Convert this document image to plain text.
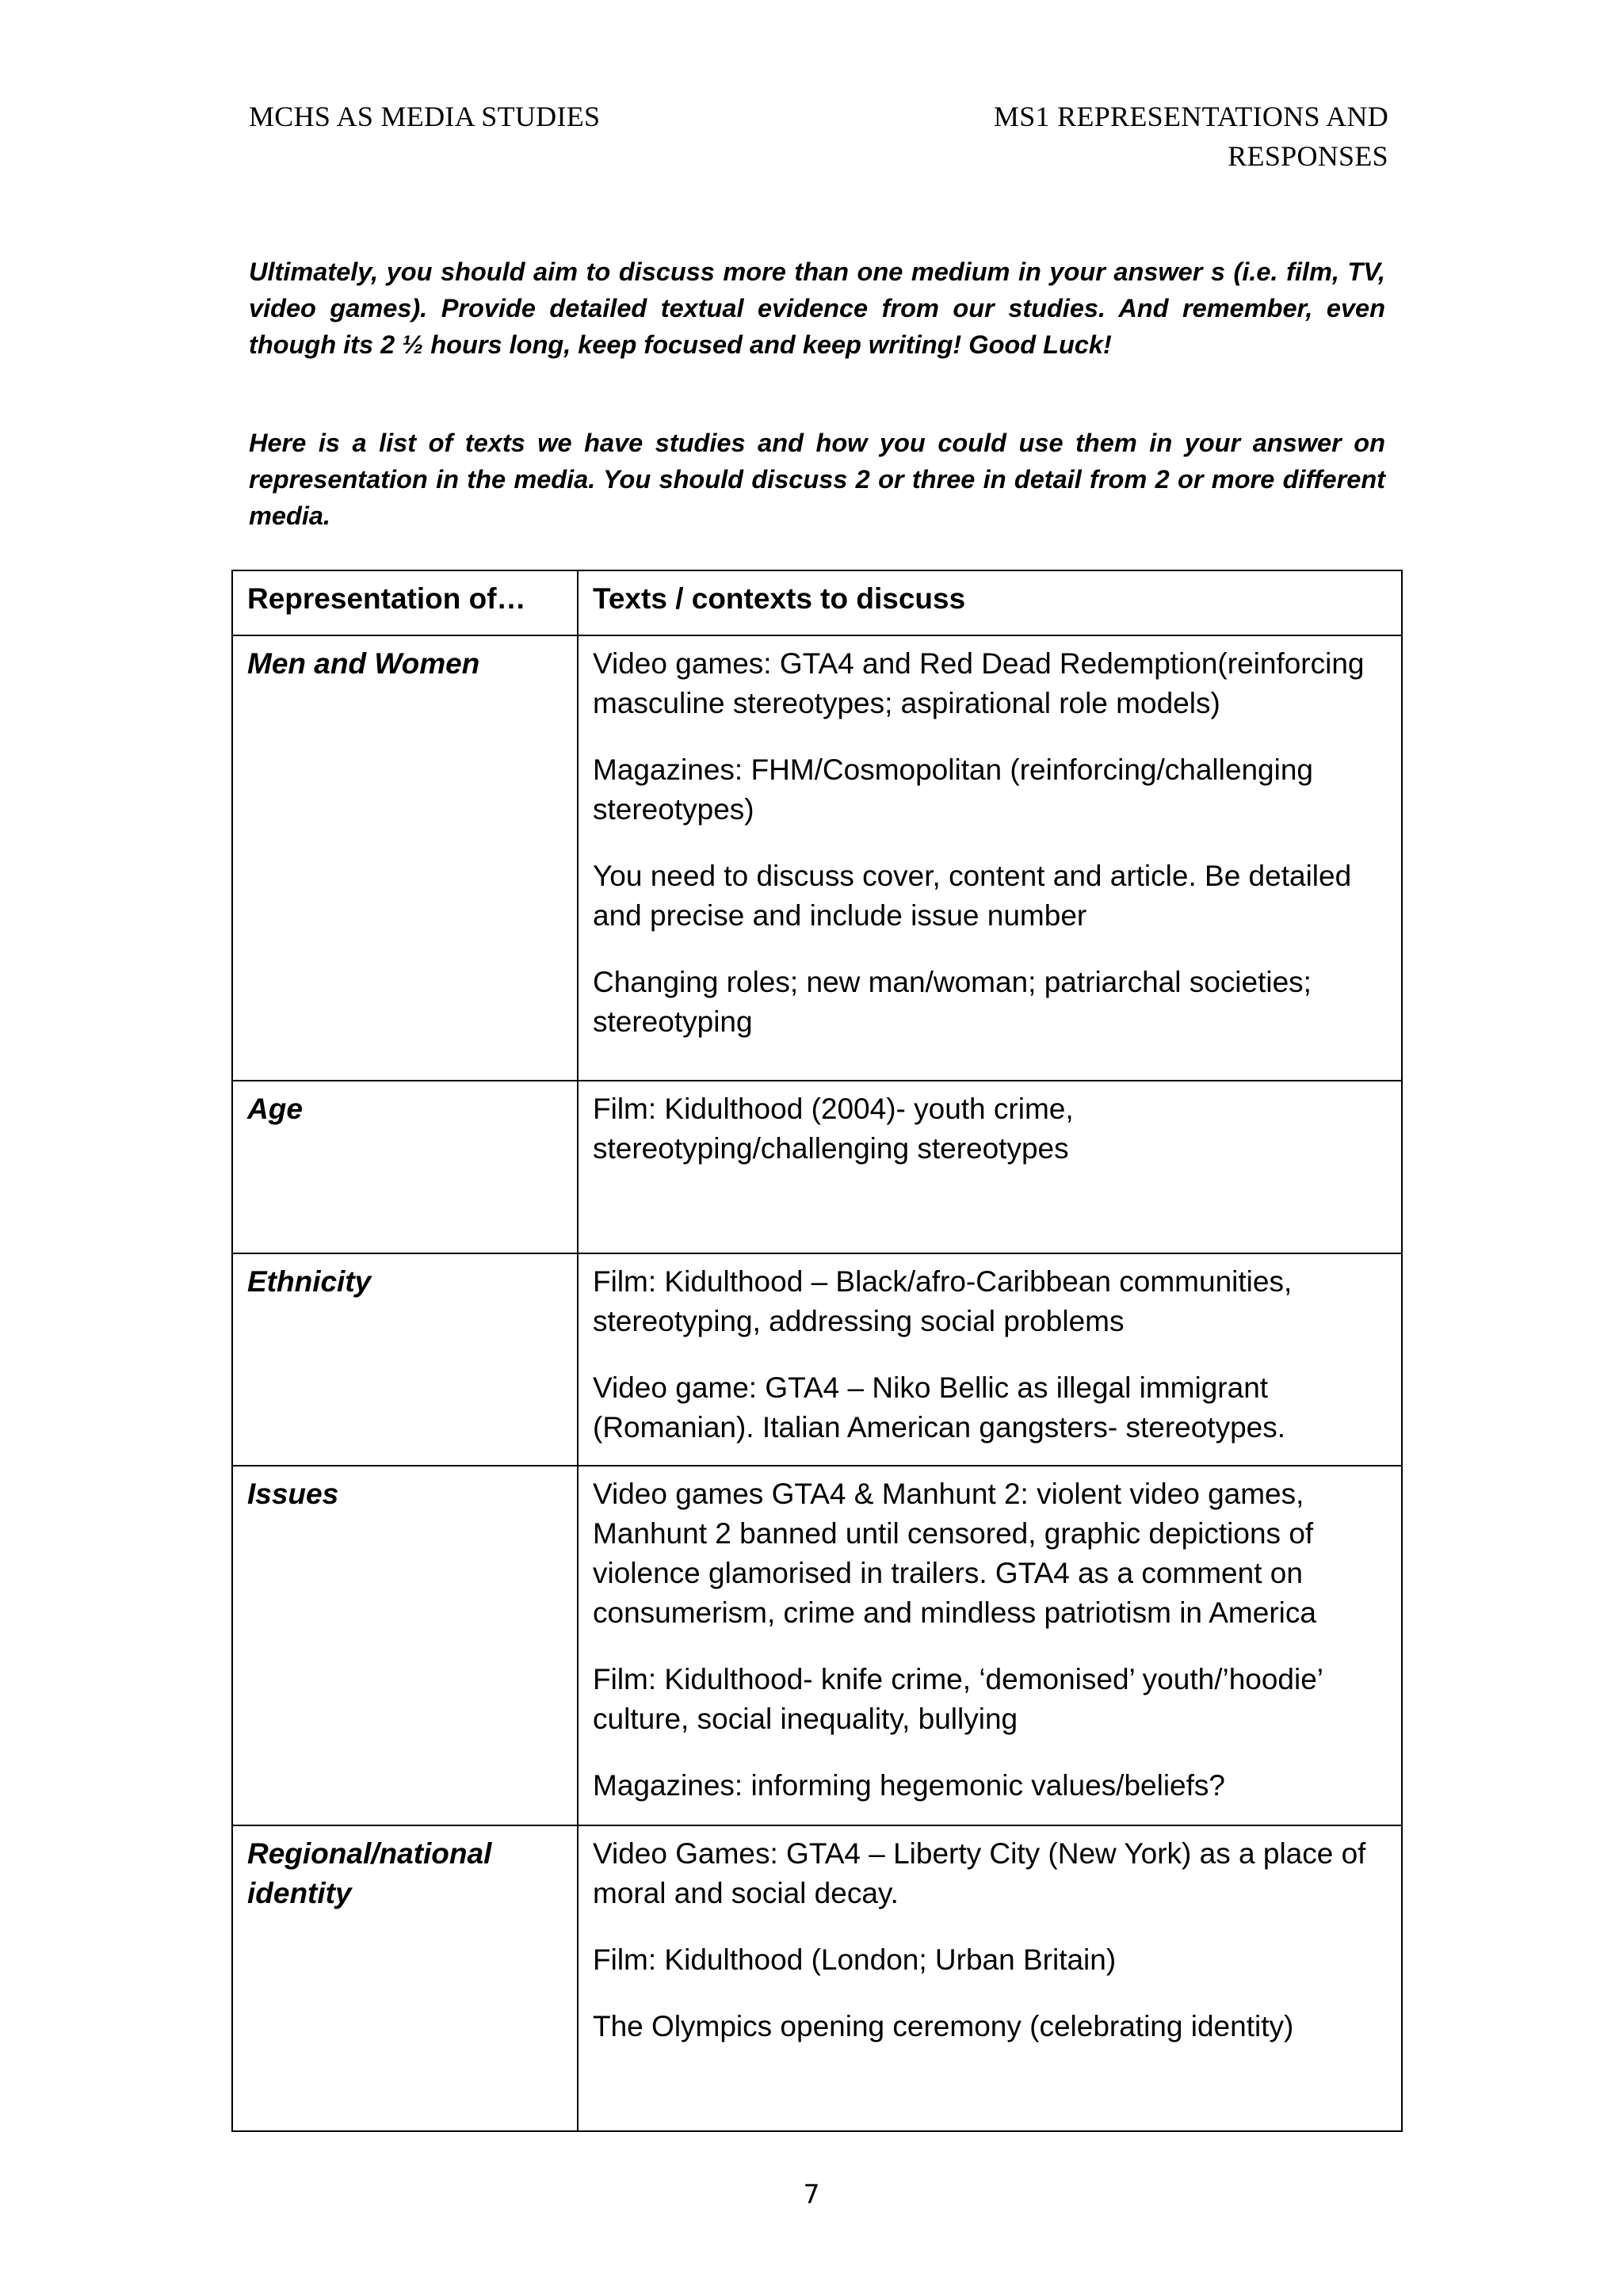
MCHS AS MEDIA STUDIES	MS1 REPRESENTATIONS AND
RESPONSES

Ultimately, you should aim to discuss more than one medium in your answer s (i.e. film, TV, video games). Provide detailed textual evidence from our studies. And remember, even though its 2 ½ hours long, keep focused and keep writing! Good Luck!

Here is a list of texts we have studies and how you could use them in your answer on representation in the media. You should discuss 2 or three in detail from 2 or more different media.

Representation of…	Texts / contexts to discuss
Men and Women	Video games: GTA4 and Red Dead Redemption(reinforcing masculine stereotypes; aspirational role models)

Magazines: FHM/Cosmopolitan (reinforcing/challenging stereotypes)

You need to discuss cover, content and article. Be detailed and precise and include issue number

Changing roles; new man/woman; patriarchal societies; stereotyping

Age	Film: Kidulthood (2004)- youth crime, stereotyping/challenging stereotypes

Ethnicity	Film: Kidulthood – Black/afro-Caribbean communities, stereotyping, addressing social problems

Video game: GTA4 – Niko Bellic as illegal immigrant (Romanian). Italian American gangsters- stereotypes.

Issues	Video games GTA4 & Manhunt 2: violent video games, Manhunt 2 banned until censored, graphic depictions of violence glamorised in trailers. GTA4 as a comment on consumerism, crime and mindless patriotism in America

Film: Kidulthood- knife crime, ‘demonised’ youth/’hoodie’ culture, social inequality, bullying

Magazines: informing hegemonic values/beliefs?

Regional/national identity	Video Games: GTA4 – Liberty City (New York) as a place of moral and social decay.

Film: Kidulthood (London; Urban Britain)

The Olympics opening ceremony (celebrating identity)

7
